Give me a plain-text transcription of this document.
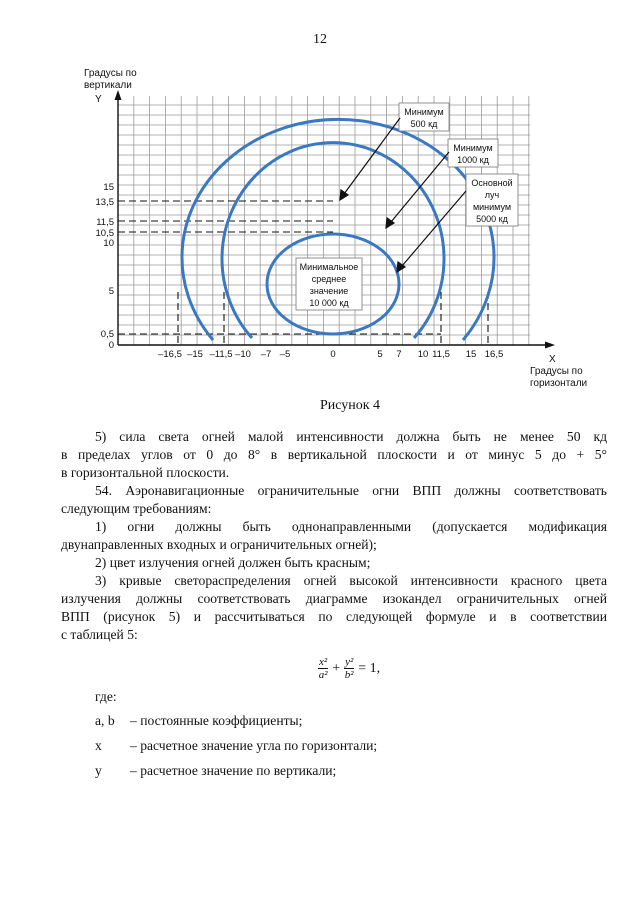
12
Градусы по
вертикали
Y
X
Градусы по
горизонтали
15
13,5
11,5
10,5
10
5
0,5
0
–16,5 –15 –11,5 –10 –7 –5	0	5 7 10 11,5 15 16,5
Минимум
500 кд
Минимум
1000 кд
Основной
луч
минимум
5000 кд
Минимальное
среднее
значение
10 000 кд
Рисунок 4
5) сила света огней малой интенсивности должна быть не менее 50 кд
в пределах углов от 0 до 8° в вертикальной плоскости и от минус 5 до + 5°
в горизонтальной плоскости.
54. Аэронавигационные ограничительные огни ВПП должны соответствовать
следующим требованиям:
1) огни должны быть однонаправленными (допускается модификация
двунаправленных входных и ограничительных огней);
2) цвет излучения огней должен быть красным;
3) кривые светораспределения огней высокой интенсивности красного цвета
излучения должны соответствовать диаграмме изокандел ограничительных огней
ВПП (рисунок 5) и рассчитываться по следующей формуле и в соответствии
с таблицей 5:
$\frac{\text{x²}}{\text{a²}} + \frac{\text{y²}}{\text{b²}} = 1$,
где:
a, b – постоянные коэффициенты;
x – расчетное значение угла по горизонтали;
y – расчетное значение по вертикали;
